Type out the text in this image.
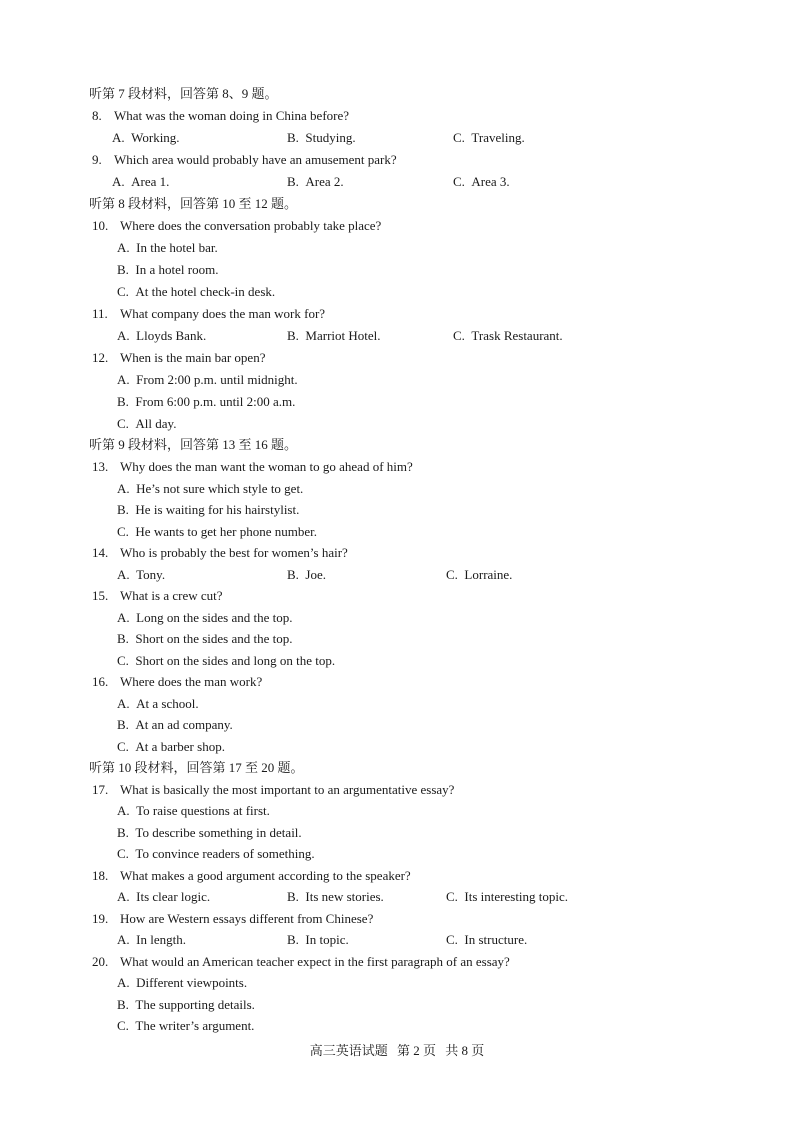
听第 7 段材料，回答第 8、9 题。
8. What was the woman doing in China before?
A. Working.	B. Studying.	C. Traveling.
9. Which area would probably have an amusement park?
A. Area 1.	B. Area 2.	C. Area 3.
听第 8 段材料，回答第 10 至 12 题。
10. Where does the conversation probably take place?
A. In the hotel bar.
B. In a hotel room.
C. At the hotel check-in desk.
11. What company does the man work for?
A. Lloyds Bank.	B. Marriot Hotel.	C. Trask Restaurant.
12. When is the main bar open?
A. From 2:00 p.m. until midnight.
B. From 6:00 p.m. until 2:00 a.m.
C. All day.
听第 9 段材料，回答第 13 至 16 题。
13. Why does the man want the woman to go ahead of him?
A. He’s not sure which style to get.
B. He is waiting for his hairstylist.
C. He wants to get her phone number.
14. Who is probably the best for women’s hair?
A. Tony.	B. Joe.	C. Lorraine.
15. What is a crew cut?
A. Long on the sides and the top.
B. Short on the sides and the top.
C. Short on the sides and long on the top.
16. Where does the man work?
A. At a school.
B. At an ad company.
C. At a barber shop.
听第 10 段材料，回答第 17 至 20 题。
17. What is basically the most important to an argumentative essay?
A. To raise questions at first.
B. To describe something in detail.
C. To convince readers of something.
18. What makes a good argument according to the speaker?
A. Its clear logic.	B. Its new stories.	C. Its interesting topic.
19. How are Western essays different from Chinese?
A. In length.	B. In topic.	C. In structure.
20. What would an American teacher expect in the first paragraph of an essay?
A. Different viewpoints.
B. The supporting details.
C. The writer’s argument.
高三英语试题 第 2 页 共 8 页
